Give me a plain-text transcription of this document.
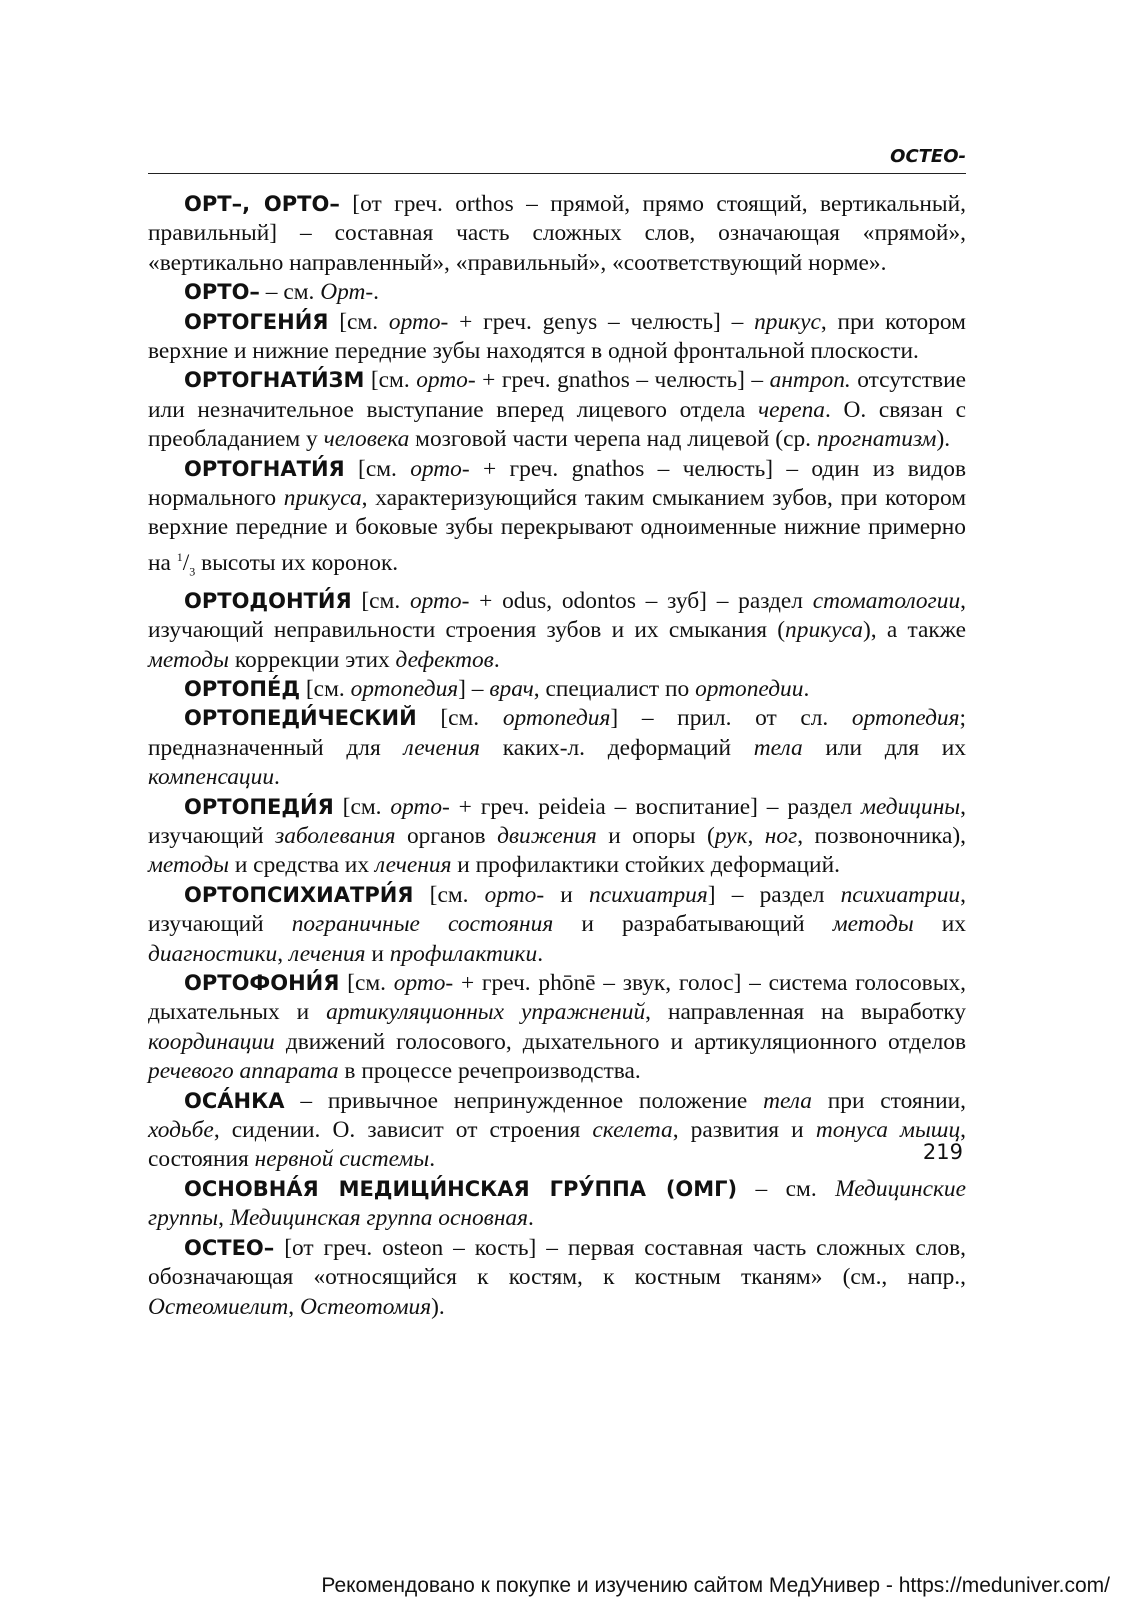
ОСТЕО-

ОРТ–, ОРТО– [от греч. orthos – прямой, прямо стоящий, вертикальный, правильный] – составная часть сложных слов, означающая «прямой», «вертикально направленный», «правильный», «соответствующий норме».

ОРТО– – см. Орт-.

ОРТОГЕНИ́Я [см. орто- + греч. genys – челюсть] – прикус, при котором верхние и нижние передние зубы находятся в одной фронтальной плоскости.

ОРТОГНАТИ́ЗМ [см. орто- + греч. gnathos – челюсть] – антроп. отсутствие или незначительное выступание вперед лицевого отдела черепа. О. связан с преобладанием у человека мозговой части черепа над лицевой (ср. прогнатизм).

ОРТОГНАТИ́Я [см. орто- + греч. gnathos – челюсть] – один из видов нормального прикуса, характеризующийся таким смыканием зубов, при котором верхние передние и боковые зубы перекрывают одноименные нижние примерно на $^1/_3$ высоты их коронок.

ОРТОДОНТИ́Я [см. орто- + odus, odontos – зуб] – раздел стоматологии, изучающий неправильности строения зубов и их смыкания (прикуса), а также методы коррекции этих дефектов.

ОРТОПЕ́Д [см. ортопедия] – врач, специалист по ортопедии.

ОРТОПЕДИ́ЧЕСКИЙ [см. ортопедия] – прил. от сл. ортопедия; предназначенный для лечения каких-л. деформаций тела или для их компенсации.

ОРТОПЕДИ́Я [см. орто- + греч. peideia – воспитание] – раздел медицины, изучающий заболевания органов движения и опоры (рук, ног, позвоночника), методы и средства их лечения и профилактики стойких деформаций.

ОРТОПСИХИАТРИ́Я [см. орто- и психиатрия] – раздел психиатрии, изучающий пограничные состояния и разрабатывающий методы их диагностики, лечения и профилактики.

ОРТОФОНИ́Я [см. орто- + греч. phōnē – звук, голос] – система голосовых, дыхательных и артикуляционных упражнений, направленная на выработку координации движений голосового, дыхательного и артикуляционного отделов речевого аппарата в процессе речепроизводства.

ОСА́НКА – привычное непринужденное положение тела при стоянии, ходьбе, сидении. О. зависит от строения скелета, развития и тонуса мышц, состояния нервной системы.

ОСНОВНА́Я МЕДИЦИ́НСКАЯ ГРУ́ППА (ОМГ) – см. Медицинские группы, Медицинская группа основная.

ОСТЕО– [от греч. osteon – кость] – первая составная часть сложных слов, обозначающая «относящийся к костям, к костным тканям» (см., напр., Остеомиелит, Остеотомия).

219
Рекомендовано к покупке и изучению сайтом МедУнивер - https://meduniver.com/
